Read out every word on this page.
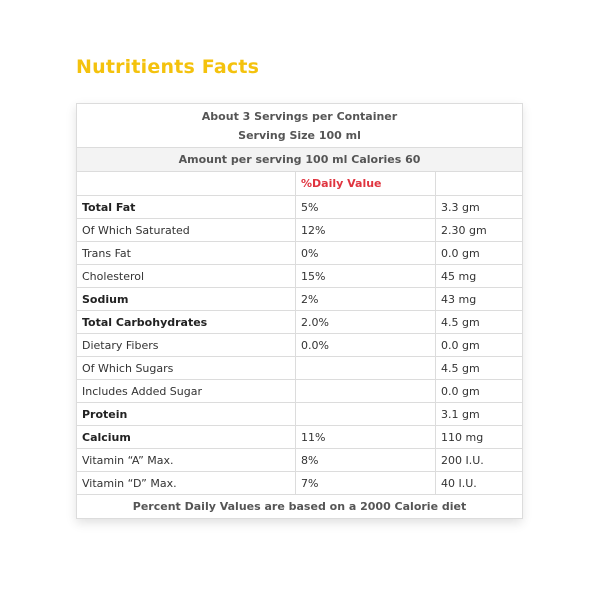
Nutritients Facts
About 3 Servings per Container
Serving Size 100 ml		

Amount per serving 100 ml Calories 60		
	%Daily Value	
Total Fat	5%	3.3 gm
Of Which Saturated	12%	2.30 gm
Trans Fat	0%	0.0 gm
Cholesterol	15%	45 mg
Sodium	2%	43 mg
Total Carbohydrates	2.0%	4.5 gm
Dietary Fibers	0.0%	0.0 gm
Of Which Sugars		4.5 gm
Includes Added Sugar		0.0 gm
Protein		3.1 gm
Calcium	11%	110 mg
Vitamin “A” Max.	8%	200 I.U.
Vitamin “D” Max.	7%	40 I.U.
Percent Daily Values are based on a 2000 Calorie diet		
